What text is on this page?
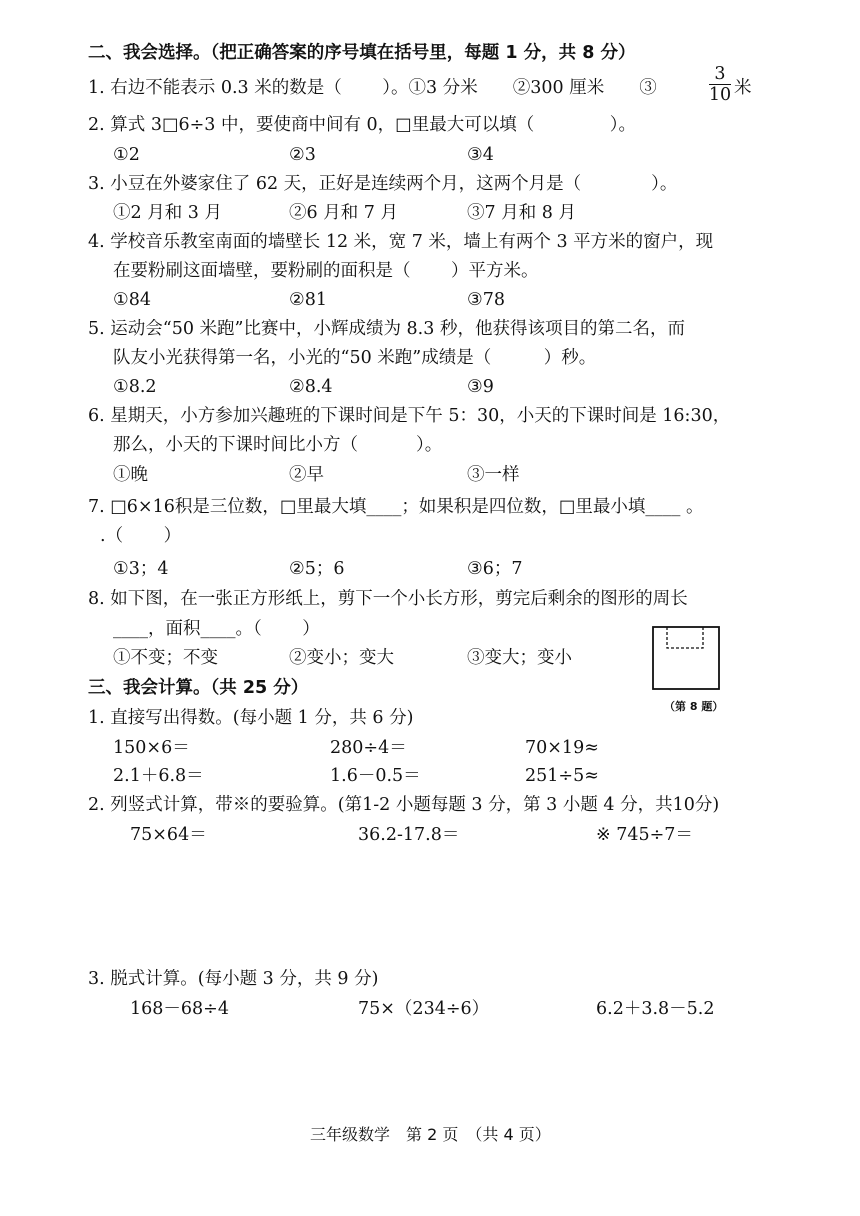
二、我会选择。（把正确答案的序号填在括号里，每题 1 分，共 8 分）
1. 右边不能表示 0.3 米的数是（　　 ）。①3 分米　　②300 厘米　　③
3
10 米
2. 算式 3□6÷3 中，要使商中间有 0，□里最大可以填（　　　　 ）。
①2	②3	③4
3. 小豆在外婆家住了 62 天，正好是连续两个月，这两个月是（　　　　）。
①2 月和 3 月	②6 月和 7 月	③7 月和 8 月
4. 学校音乐教室南面的墙壁长 12 米，宽 7 米，墙上有两个 3 平方米的窗户，现
在要粉刷这面墙壁，要粉刷的面积是（　　 ）平方米。
①84	②81	③78
5. 运动会“50 米跑”比赛中，小辉成绩为 8.3 秒，他获得该项目的第二名，而
队友小光获得第一名，小光的“50 米跑”成绩是（　　　）秒。
①8.2	②8.4	③9
6. 星期天，小方参加兴趣班的下课时间是下午 5：30，小天的下课时间是 16:30，
那么，小天的下课时间比小方（　　　 ）。
①晚	②早	③一样
7. □6×16积是三位数，□里最大填____；如果积是四位数，□里最小填____ 。
.（　　 ）
①3；4	②5；6	③6；7
8. 如下图，在一张正方形纸上，剪下一个小长方形，剪完后剩余的图形的周长
____，面积____。（　　 ）
①不变；不变	②变小；变大	③变大；变小
（第 8 题）
三、我会计算。（共 25 分）
1. 直接写出得数。(每小题 1 分，共 6 分)
150×6＝	280÷4＝	70×19≈
2.1＋6.8＝	1.6－0.5＝	251÷5≈
2. 列竖式计算，带※的要验算。(第1-2 小题每题 3 分，第 3 小题 4 分，共10分)
75×64＝	36.2-17.8＝	※ 745÷7＝
3. 脱式计算。(每小题 3 分，共 9 分)
168－68÷4	75×（234÷6）	6.2＋3.8－5.2
三年级数学　第 2 页　（共 4 页）
